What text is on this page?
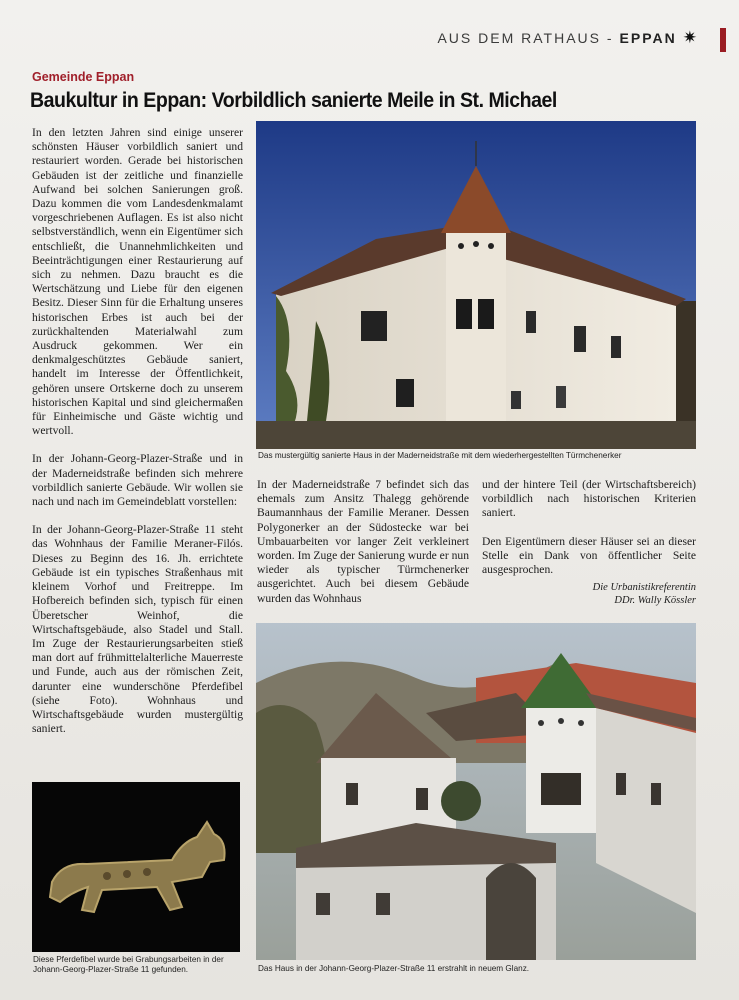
AUS DEM RATHAUS - EPPAN ✷
Gemeinde Eppan
Baukultur in Eppan: Vorbildlich sanierte Meile in St. Michael

In den letzten Jahren sind einige unserer schönsten Häuser vorbildlich saniert und restauriert worden. Gerade bei historischen Gebäuden ist der zeitliche und finanzielle Aufwand bei solchen Sanierungen groß. Dazu kommen die vom Landesdenkmalamt vorgeschriebenen Auflagen. Es ist also nicht selbstverständlich, wenn ein Eigentümer sich entschließt, die Unannehmlichkeiten und Beeinträchtigungen einer Restaurierung auf sich zu nehmen. Dazu braucht es die Wertschätzung und Liebe für den eigenen Besitz. Dieser Sinn für die Erhaltung unseres historischen Erbes ist auch bei der zurückhaltenden Materialwahl zum Ausdruck gekommen. Wer ein denkmalgeschütztes Gebäude saniert, handelt im Interesse der Öffentlichkeit, gehören unsere Ortskerne doch zu unserem historischen Kapital und sind gleichermaßen für Einheimische und Gäste wichtig und wertvoll.

In der Johann-Georg-Plazer-Straße und in der Maderneidstraße befinden sich mehrere vorbildlich sanierte Gebäude. Wir wollen sie nach und nach im Gemeindeblatt vorstellen:

In der Johann-Georg-Plazer-Straße 11 steht das Wohnhaus der Familie Meraner-Filós. Dieses zu Beginn des 16. Jh. errichtete Gebäude ist ein typisches Straßenhaus mit kleinem Vorhof und Freitreppe. Im Hofbereich befinden sich, typisch für einen Überetscher Weinhof, die Wirtschaftsgebäude, also Stadel und Stall. Im Zuge der Restaurierungsarbeiten stieß man dort auf frühmittelalterliche Mauerreste und Funde, auch aus der römischen Zeit, darunter eine wunderschöne Pferdefibel (siehe Foto). Wohnhaus und Wirtschaftsgebäude wurden mustergültig saniert.

Das mustergültig sanierte Haus in der Maderneidstraße mit dem wiederhergestellten Türmchenerker

In der Maderneidstraße 7 befindet sich das ehemals zum Ansitz Thalegg gehörende Baumannhaus der Familie Meraner. Dessen Polygonerker an der Südostecke war bei Umbauarbeiten vor langer Zeit verkleinert worden. Im Zuge der Sanierung wurde er nun wieder als typischer Türmchenerker ausgerichtet. Auch bei diesem Gebäude wurden das Wohnhaus

und der hintere Teil (der Wirtschaftsbereich) vorbildlich nach historischen Kriterien saniert.

Den Eigentümern dieser Häuser sei an dieser Stelle ein Dank von öffentlicher Seite ausgesprochen.

Die Urbanistikreferentin
DDr. Wally Kössler
Diese Pferdefibel wurde bei Grabungsarbeiten in der Johann-Georg-Plazer-Straße 11 gefunden.	Das Haus in der Johann-Georg-Plazer-Straße 11 erstrahlt in neuem Glanz.
